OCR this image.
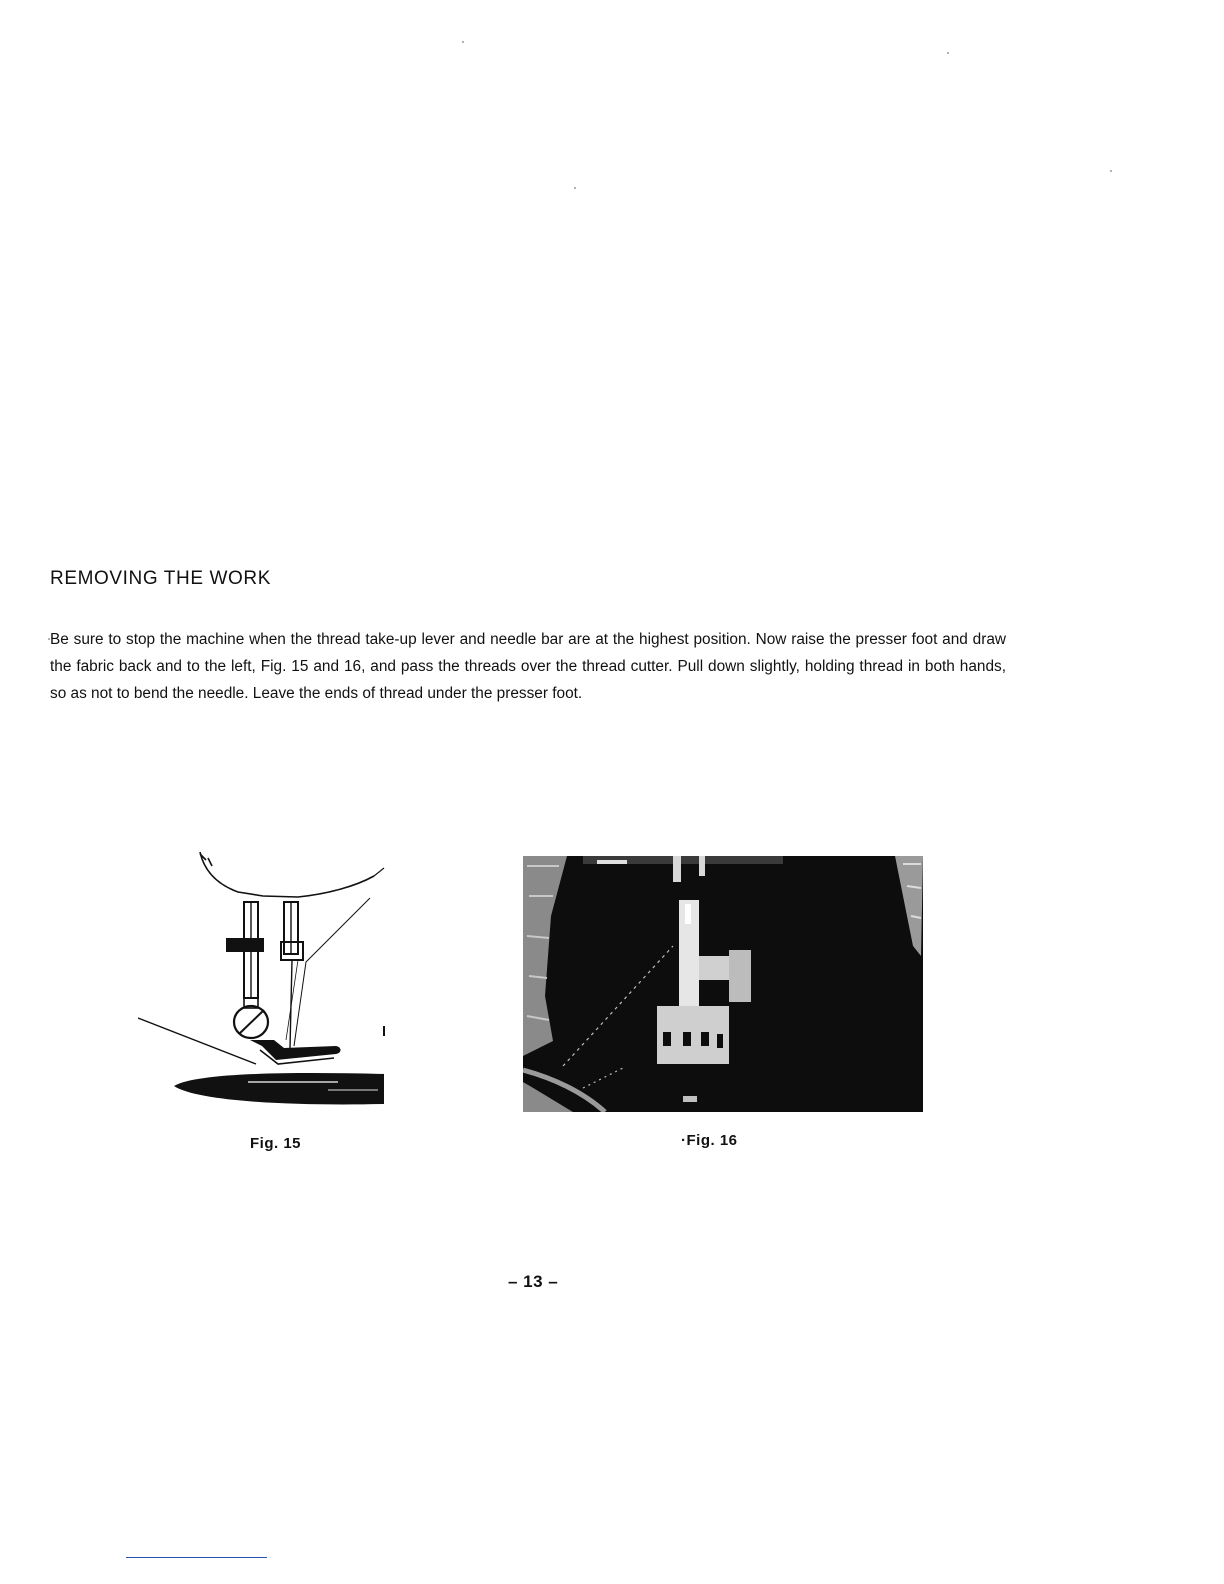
REMOVING THE WORK

Be sure to stop the machine when the thread take-up lever and needle bar are at the highest position. Now raise the presser foot and draw the fabric back and to the left, Fig. 15 and 16, and pass the threads over the thread cutter. Pull down slightly, holding thread in both hands, so as not to bend the needle. Leave the ends of thread under the presser foot.

Fig. 15	·Fig. 16
– 13 –
